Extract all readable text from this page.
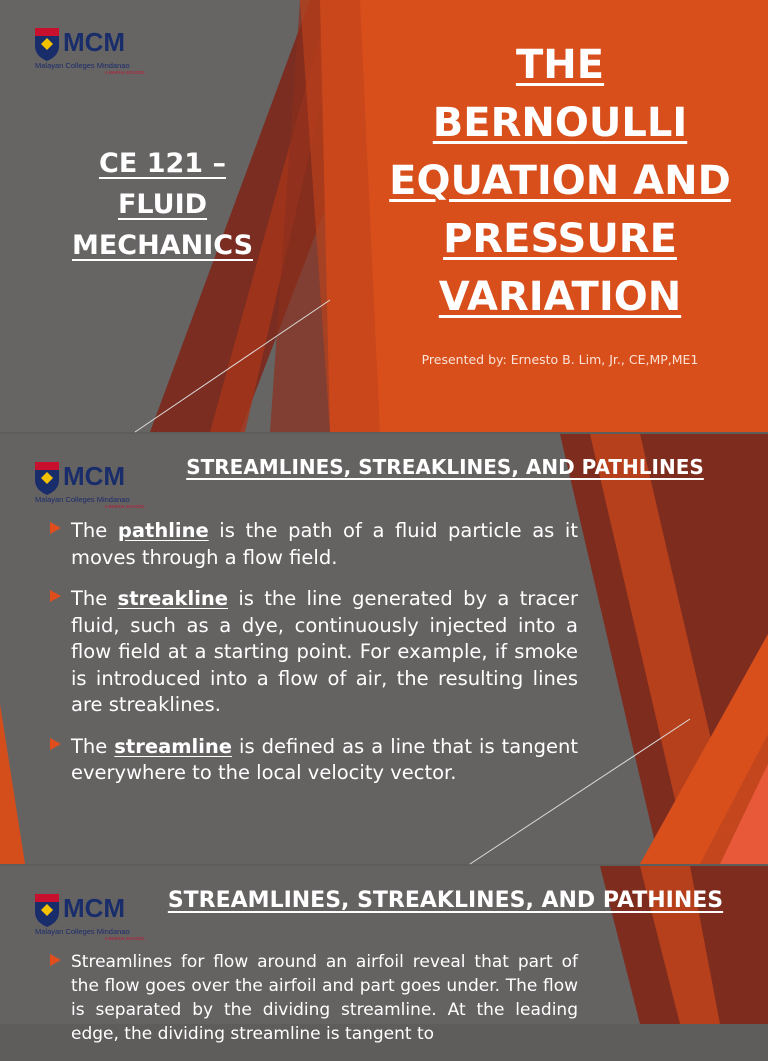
MCM
Malayan Colleges Mindanao
A MAPÚA SCHOOL
CE 121 –
FLUID
MECHANICS
THE
BERNOULLI
EQUATION AND
PRESSURE
VARIATION
Presented by: Ernesto B. Lim, Jr., CE,MP,ME1
MCM
Malayan Colleges Mindanao
A MAPÚA SCHOOL
STREAMLINES, STREAKLINES, AND PATHLINES
The pathline is the path of a fluid particle as it moves through a flow field.
The streakline is the line generated by a tracer fluid, such as a dye, continuously injected into a flow field at a starting point. For example, if smoke is introduced into a flow of air, the resulting lines are streaklines.
The streamline is defined as a line that is tangent everywhere to the local velocity vector.
MCM
Malayan Colleges Mindanao
A MAPÚA SCHOOL
STREAMLINES, STREAKLINES, AND PATHINES
Streamlines for flow around an airfoil reveal that part of the flow goes over the airfoil and part goes under. The flow is separated by the dividing streamline. At the leading edge, the dividing streamline is tangent to
